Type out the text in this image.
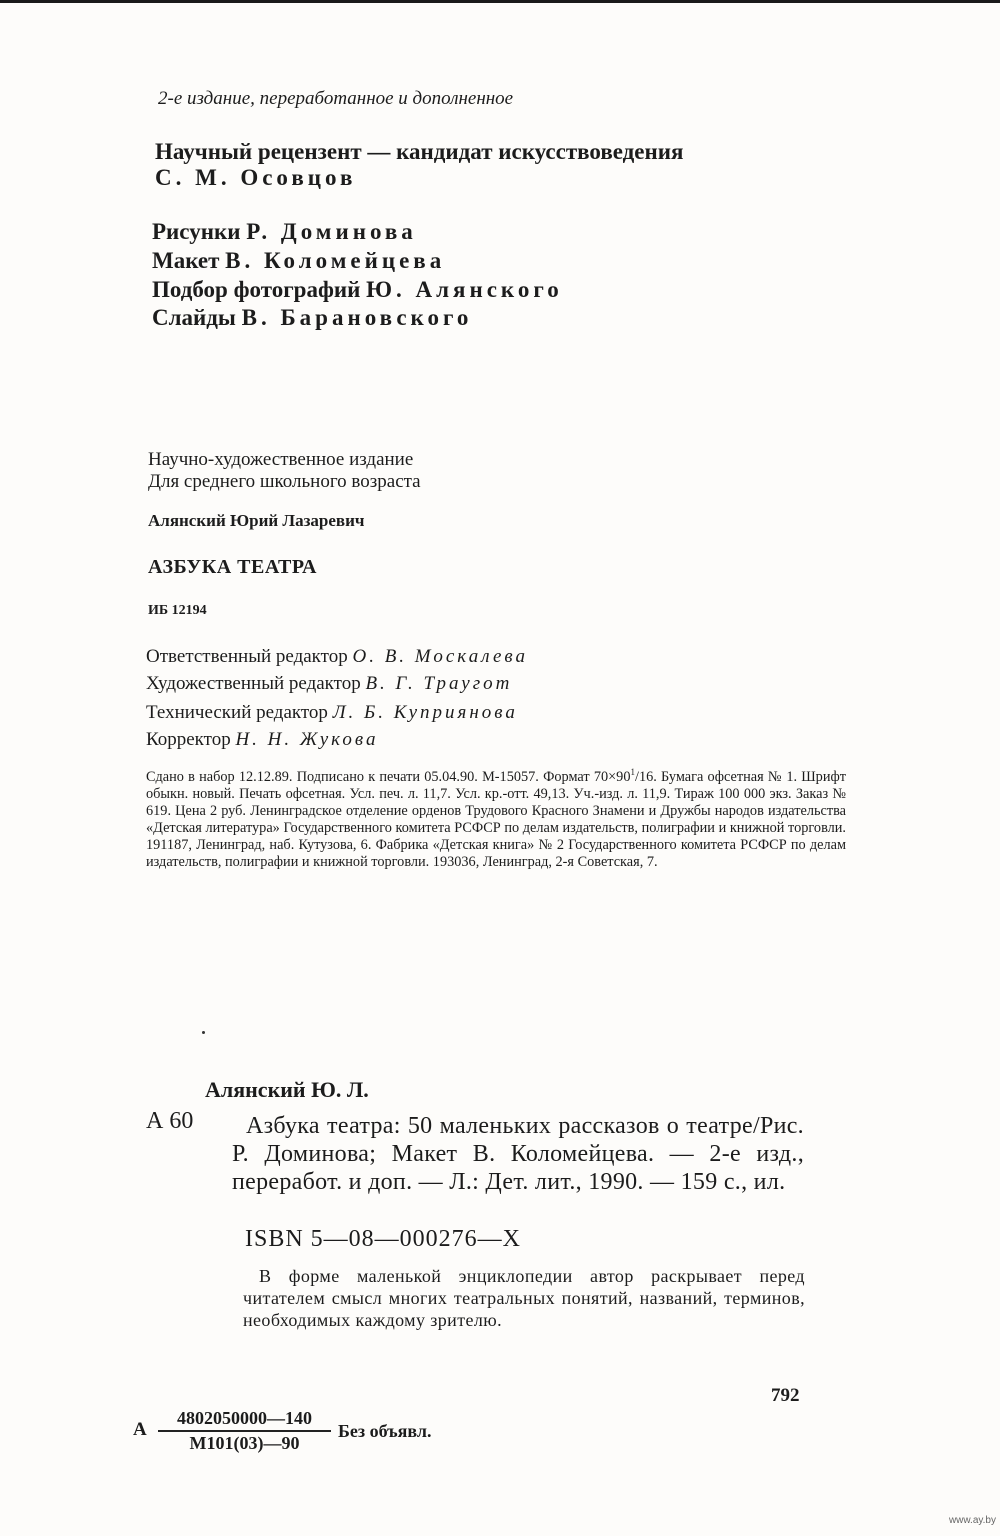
2-е издание, переработанное и дополненное
Научный рецензент — кандидат искусствоведения
С. М. Осовцов
Рисунки Р. Доминова
Макет В. Коломейцева
Подбор фотографий Ю. Алянского
Слайды В. Барановского
Научно-художественное издание
Для среднего школьного возраста
Алянский Юрий Лазаревич
АЗБУКА ТЕАТРА
ИБ 12194
Ответственный редактор О. В. Москалева
Художественный редактор В. Г. Траугот
Технический редактор Л. Б. Куприянова
Корректор Н. Н. Жукова

Сдано в набор 12.12.89. Подписано к печати 05.04.90. М-15057. Формат $70\times 90^1/16$. Бумага офсетная № 1. Шрифт обыкн. новый. Печать офсетная. Усл. печ. л. 11,7. Усл. кр.-отт. 49,13. Уч.-изд. л. 11,9. Тираж 100 000 экз. Заказ № 619. Цена 2 руб. Ленинградское отделение орденов Трудового Красного Знамени и Дружбы народов издательства «Детская литература» Государственного комитета РСФСР по делам издательств, полиграфии и книжной торговли. 191187, Ленинград, наб. Кутузова, 6. Фабрика «Детская книга» № 2 Государственного комитета РСФСР по делам издательств, полиграфии и книжной торговли. 193036, Ленинград, 2-я Советская, 7.

Алянский Ю. Л.
А 60	Азбука театра: 50 маленьких рассказов о театре/Рис. Р. Доминова; Макет В. Коломейцева. — 2-е изд., переработ. и доп. — Л.: Дет. лит., 1990. — 159 с., ил.

ISBN 5—08—000276—X

В форме маленькой энциклопедии автор раскрывает перед читателем смысл многих театральных понятий, названий, терминов, необходимых каждому зрителю.

792
А
4802050000—140
М101(03)—90
Без объявл.
www.ay.by
